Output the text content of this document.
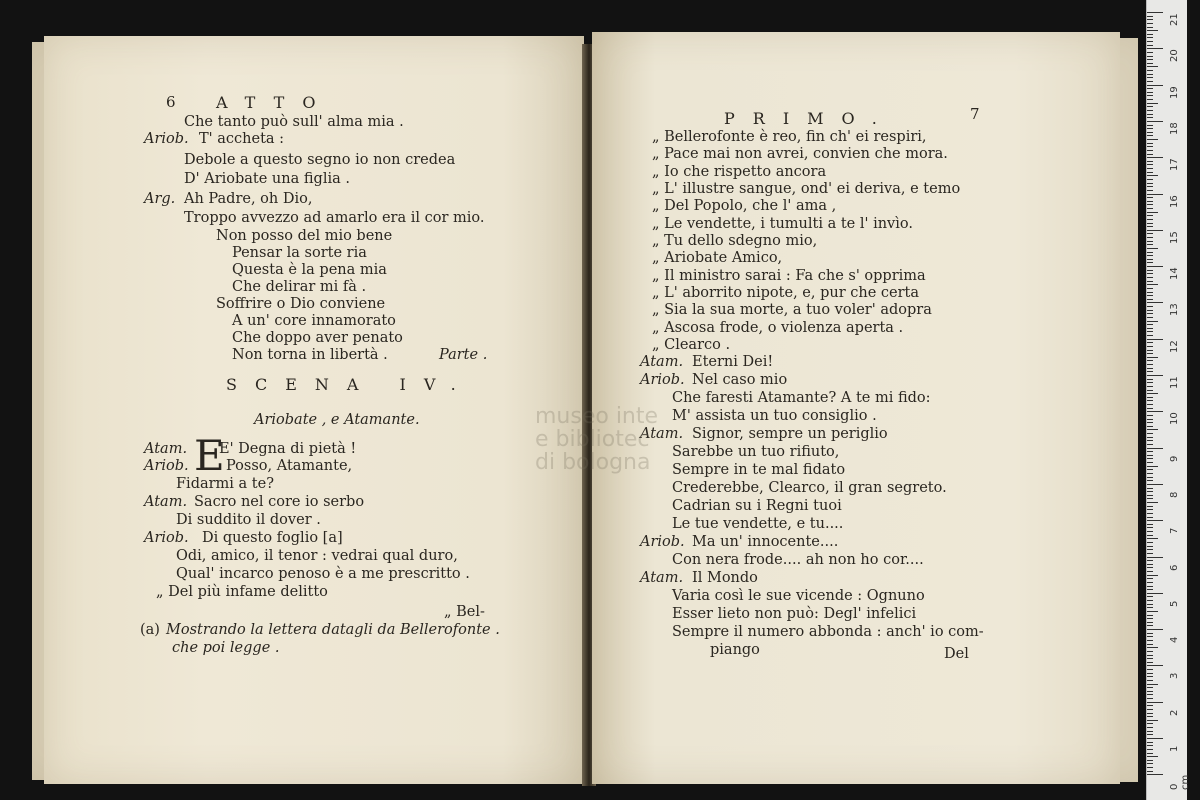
6	ATTO
Che tanto può sull' alma mia .
Ariob. T' accheta :
Debole a questo segno io non credea
D' Ariobate una figlia .
Arg. Ah Padre, oh Dio,
Troppo avvezzo ad amarlo era il cor mio.
Non posso del mio bene
Pensar la sorte ria
Questa è la pena mia
Che delirar mi fà .
Soffrire o Dio conviene
A un' core innamorato
Che doppo aver penato
Non torna in libertà .	Parte .
SCENA IV.
Ariobate , e Atamante.
E
Atam. E' Degna di pietà !
Ariob.	Posso, Atamante,
Fidarmi a te?
Atam. Sacro nel core io serbo
Di suddito il dover .
Ariob. Di questo foglio [a]
Odi, amico, il tenor : vedrai qual duro,
Qual' incarco penoso è a me prescritto .
„ Del più infame delitto
„ Bel-
(a) Mostrando la lettera datagli da Bellerofonte .
che poi legge .
PRIMO.	7
„ Bellerofonte è reo, fin ch' ei respiri,
„ Pace mai non avrei, convien che mora.
„ Io che rispetto ancora
„ L' illustre sangue, ond' ei deriva, e temo
„ Del Popolo, che l' ama ,
„ Le vendette, i tumulti a te l' invìo.
„ Tu dello sdegno mio,
„ Ariobate Amico,
„ Il ministro sarai : Fa che s' opprima
„ L' aborrito nipote, e, pur che certa
„ Sia la sua morte, a tuo voler' adopra
„ Ascosa frode, o violenza aperta .
„ Clearco .
Atam. Eterni Dei!
Ariob. Nel caso mio
Che faresti Atamante? A te mi fido:
M' assista un tuo consiglio .
Atam. Signor, sempre un periglio
Sarebbe un tuo rifiuto,
Sempre in te mal fidato
Crederebbe, Clearco, il gran segreto.
Cadrian su i Regni tuoi
Le tue vendette, e tu....
Ariob. Ma un' innocente....
Con nera frode.... ah non ho cor....
Atam. Il Mondo
Varia così le sue vicende : Ognuno
Esser lieto non può: Degl' infelici
Sempre il numero abbonda : anch' io com-
piango	Del
museo inte
e bibliotec
di bologna
0 cm
21
20
19
18
17
16
15
14
13
12
11
10
9
8
7
6
5
4
3
2
1
